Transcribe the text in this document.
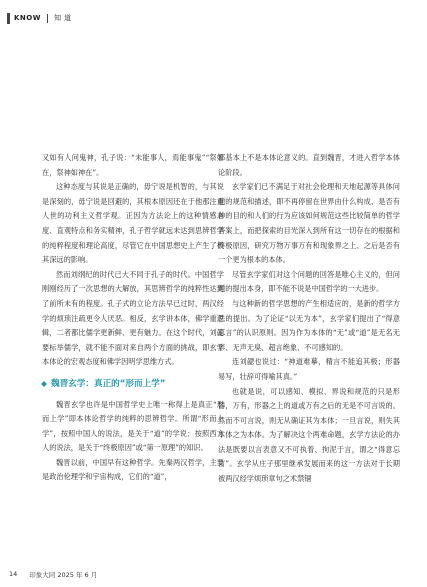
KNOW 知道

又如有人问鬼神，孔子说：“未能事人，焉能事鬼”“祭如在，祭神如神在”。

这种态度与其说是正确的，毋宁说是机智的，与其说是深刻的，毋宁说是回避的，其根本原因还在于他那注重人世的功利主义哲学观。正因为方法论上的这种情感态度、直观特点和务实精神，孔子哲学就远未达到思辨哲学的纯粹程度和理论高度，尽管它在中国思想史上产生了极其深远的影响。

然而刘纲纪的时代已大不同于孔子的时代。中国哲学刚刚经历了一次思想的大解放，其思辨哲学的纯粹性达到了前所未有的程度。孔子式的立论方法早已过时，两汉经学的烦琐注疏更令人厌恶。相反，玄学讲本体，佛学重逻辑，二者都比儒学更新鲜、更有魅力。在这个时代，刘勰要标举儒学，就不能不面对来自两个方面的挑战，即玄学本体论的宏观态度和佛学因明学思维方式。

魏晋玄学：真正的“形而上学”

魏晋玄学也许是中国哲学史上唯一称得上是真正“形而上学”即本体论哲学的纯粹的思辨哲学。所谓“形而上学”，按照中国人的说法，是关于“道”的学说；按照西方人的说法，是关于“终极原因”或“第一原理”的知识。

魏晋以前，中国早有这种哲学。先秦两汉哲学，主要是政治伦理学和宇宙构成，它们的“道”，

都基本上不是本体论意义的。直到魏晋，才进入哲学本体论阶段。

玄学家们已不满足于对社会伦理和天地起源等具体问题的规范和描述，即不再停留在世界由什么构成、是否有神的目的和人们的行为应该如何规范这些比较简单的哲学答案上，而把探索的目光深入到所有这一切存在的根据和终极原因，研究万物万事万有和现象界之上、之后是否有一个更为根本的本体。

尽管玄学家们对这个问题的回答是唯心主义的，但问题的提出本身，即不能不说是中国哲学的一大进步。

与这种新的哲学思想的产生相适应的，是新的哲学方法的提出。为了论证“以无为本”，玄学家们提出了“得意忘言”的认识原则。因为作为本体的“无”或“道”是无名无形、无声无臭、超言绝象、不可感知的。

连刘勰也说过：“神道难摹，精言不能追其极；形器易写，壮辞可得喻其真。”

也就是说，可以感知、模拟、界说和规范的只是形器，万有，形器之上的道或万有之后的无是不可言说的。然而不可言说，则无从确证其为本体；一旦言说，则失其本体之为本体。为了解决这个两难命题，玄学方法论的办法是既要以言表意又不可执着、拘泥于言，谓之“得意忘言”。玄学从庄子那里继承发展而来的这一方法对于长期被两汉经学烦琐章句之术禁锢

14 印象大同 2025 年 6 月
